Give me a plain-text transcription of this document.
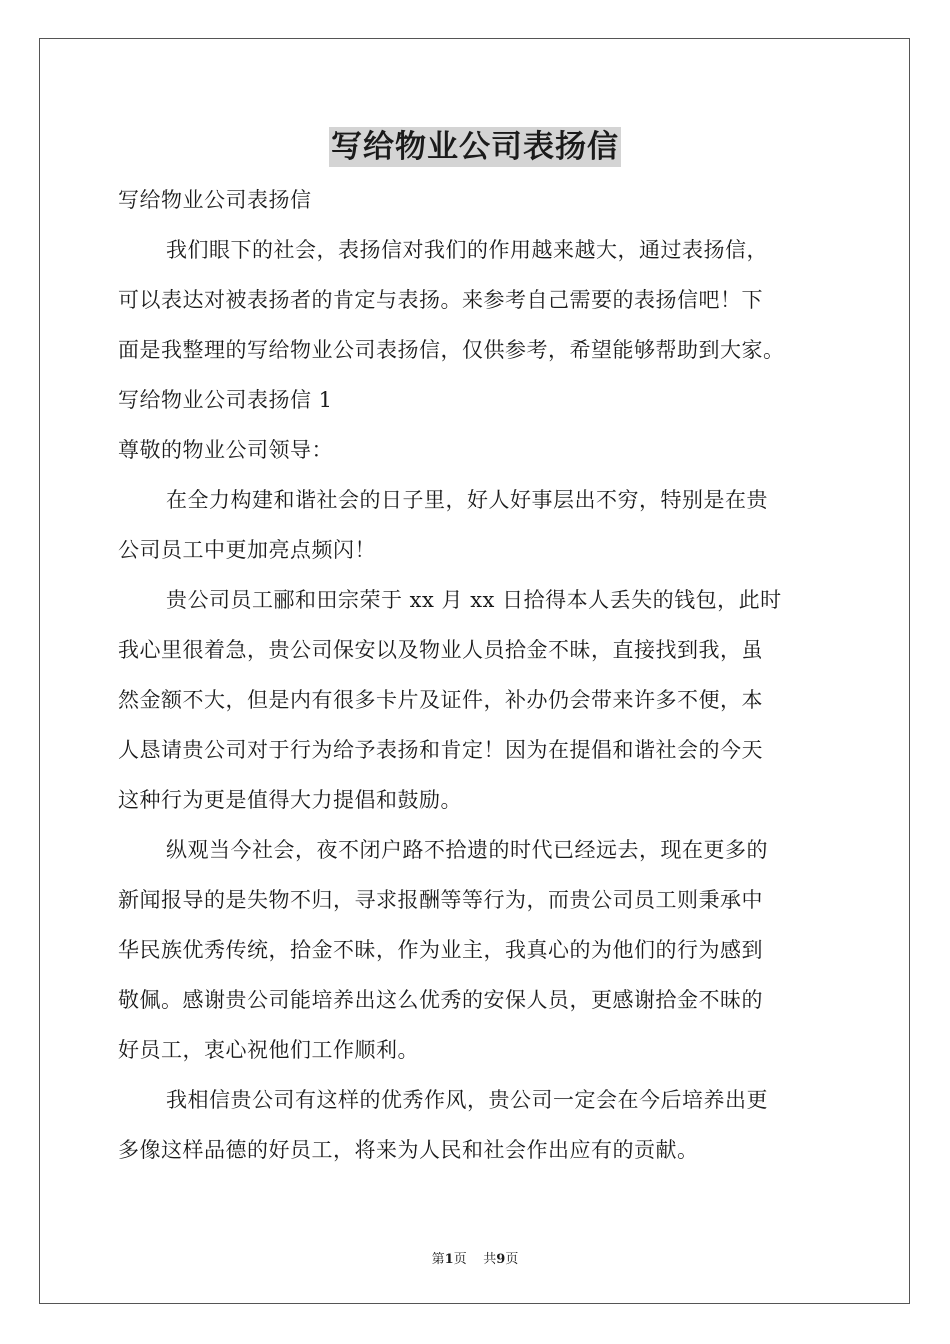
写给物业公司表扬信
写给物业公司表扬信
我们眼下的社会，表扬信对我们的作用越来越大，通过表扬信，
可以表达对被表扬者的肯定与表扬。来参考自己需要的表扬信吧！下
面是我整理的写给物业公司表扬信，仅供参考，希望能够帮助到大家。
写给物业公司表扬信 1
尊敬的物业公司领导：
在全力构建和谐社会的日子里，好人好事层出不穷，特别是在贵
公司员工中更加亮点频闪！
贵公司员工郦和田宗荣于 xx 月 xx 日拾得本人丢失的钱包，此时
我心里很着急，贵公司保安以及物业人员拾金不昧，直接找到我，虽
然金额不大，但是内有很多卡片及证件，补办仍会带来许多不便，本
人恳请贵公司对于行为给予表扬和肯定！因为在提倡和谐社会的今天
这种行为更是值得大力提倡和鼓励。
纵观当今社会，夜不闭户路不拾遗的时代已经远去，现在更多的
新闻报导的是失物不归，寻求报酬等等行为，而贵公司员工则秉承中
华民族优秀传统，拾金不昧，作为业主，我真心的为他们的行为感到
敬佩。感谢贵公司能培养出这么优秀的安保人员，更感谢拾金不昧的
好员工，衷心祝他们工作顺利。
我相信贵公司有这样的优秀作风，贵公司一定会在今后培养出更
多像这样品德的好员工，将来为人民和社会作出应有的贡献。
第1页 共9页
